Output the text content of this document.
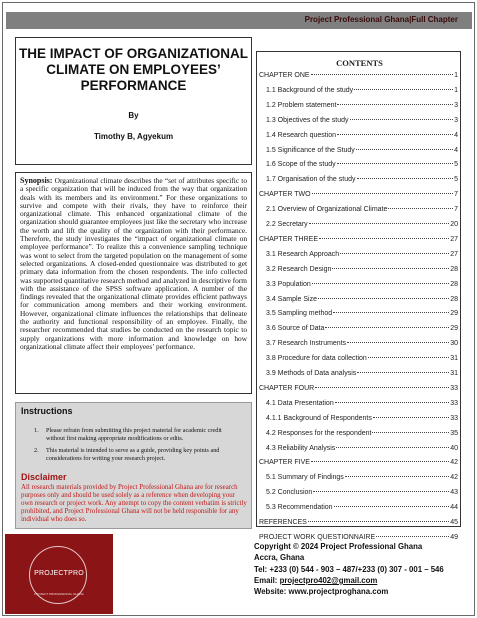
Project Professional Ghana|Full Chapter
THE IMPACT OF ORGANIZATIONAL
CLIMATE ON EMPLOYEES’
PERFORMANCE
By
Timothy B, Agyekum

Synopsis: Organizational climate describes the “set of attributes specific to a specific organization that will be induced from the way that organization deals with its members and its environment.” For these organizations to survive and compete with their rivals, they have to reinforce their organizational climate. This enhanced organizational climate of the organization should guarantee employees just like the secretary who increase the worth and lift the quality of the organization with their performance. Therefore, the study investigates the “impact of organizational climate on employee performance”. To realize this a convenience sampling technique was wont to select from the targeted population on the management of some selected organizations. A closed-ended questionnaire was distributed to get primary data information from the chosen respondents. The info collected was supported quantitative research method and analyzed in descriptive form with the assistance of the SPSS software application. A number of the findings revealed that the organizational climate provides efficient pathways for communication among members and their working environment. However, organizational climate influences the relationships that delineate the authority and functional responsibility of an employee. Finally, the researcher recommended that studies be conducted on the research topic to supply organizations with more information and knowledge on how organizational climate affect their employees’ performance.

Instructions
1.	Please refrain from submitting this project material for academic credit without first making appropriate modifications or edits.
2.	This material is intended to serve as a guide, providing key points and considerations for writing your research project.
Disclaimer
All research materials provided by Project Professional Ghana are for research purposes only and should be used solely as a reference when developing your own research or project work. Any attempt to copy the content verbatim is strictly prohibited, and Project Professional Ghana will not be held responsible for any individual who does so.
CONTENTS
CHAPTER ONE	1
1.1 Background of the study	1
1.2 Problem statement	3
1.3 Objectives of the study	3
1.4 Research question	4
1.5 Significance of the Study	4
1.6 Scope of the study	5
1.7 Organisation of the study	5
CHAPTER TWO	7
2.1 Overview of Organizational Climate	7
2.2 Secretary	20
CHAPTER THREE	27
3.1 Research Approach	27
3.2 Research Design	28
3.3 Population	28
3.4 Sample Size	28
3.5 Sampling method	29
3.6 Source of Data	29
3.7 Research Instruments	30
3.8 Procedure for data collection	31
3.9 Methods of Data analysis	31
CHAPTER FOUR	33
4.1 Data Presentation	33
4.1.1 Background of Respondents	33
4.2 Responses for the respondent	35
4.3 Reliability Analysis	40
CHAPTER FIVE	42
5.1 Summary of Findings	42
5.2 Conclusion	43
5.3 Recommendation	44
REFERENCES	45
PROJECT WORK QUESTIONNAIRE	49
PROJECTPRO
PROJECT PROFESSIONAL GHANA
Copyright © 2024 Project Professional Ghana
Accra, Ghana
Tel: +233 (0) 544 - 903 – 487/+233 (0) 307 - 001 – 546
Email: projectpro402@gmail.com
Website: www.projectproghana.com
